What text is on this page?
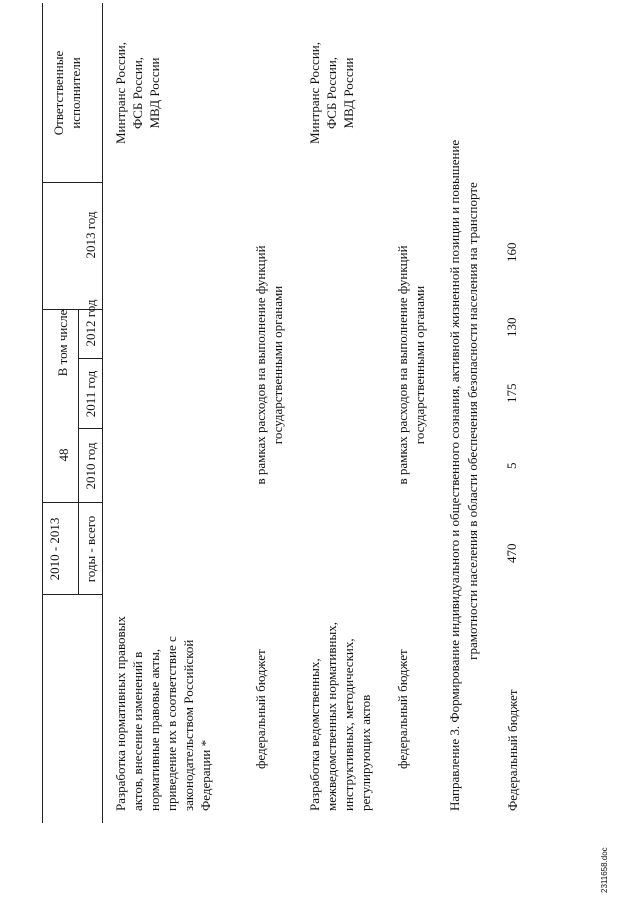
48
2010 - 2013 годы - всего
В том числе
2010 год
2011 год
2012 год
2013 год
Ответственные исполнители
Разработка нормативных правовых актов, внесение изменений в нормативные правовые акты, приведение их в соответствие с законодательством Российской Федерации *
Минтранс России, ФСБ России, МВД России
федеральный бюджет
в рамках расходов на выполнение функций государственными органами
Разработка ведомственных, межведомственных нормативных, инструктивных, методических, регулирующих актов
Минтранс России, ФСБ России, МВД России
федеральный бюджет
в рамках расходов на выполнение функций государственными органами Направление 3. Формирование индивидуального и общественного сознания, активной жизненной позиции и повышение грамотности населения в области обеспечения безопасности населения на транспорте
Федеральный бюджет
470
5
175
130
160
2311658.doc
